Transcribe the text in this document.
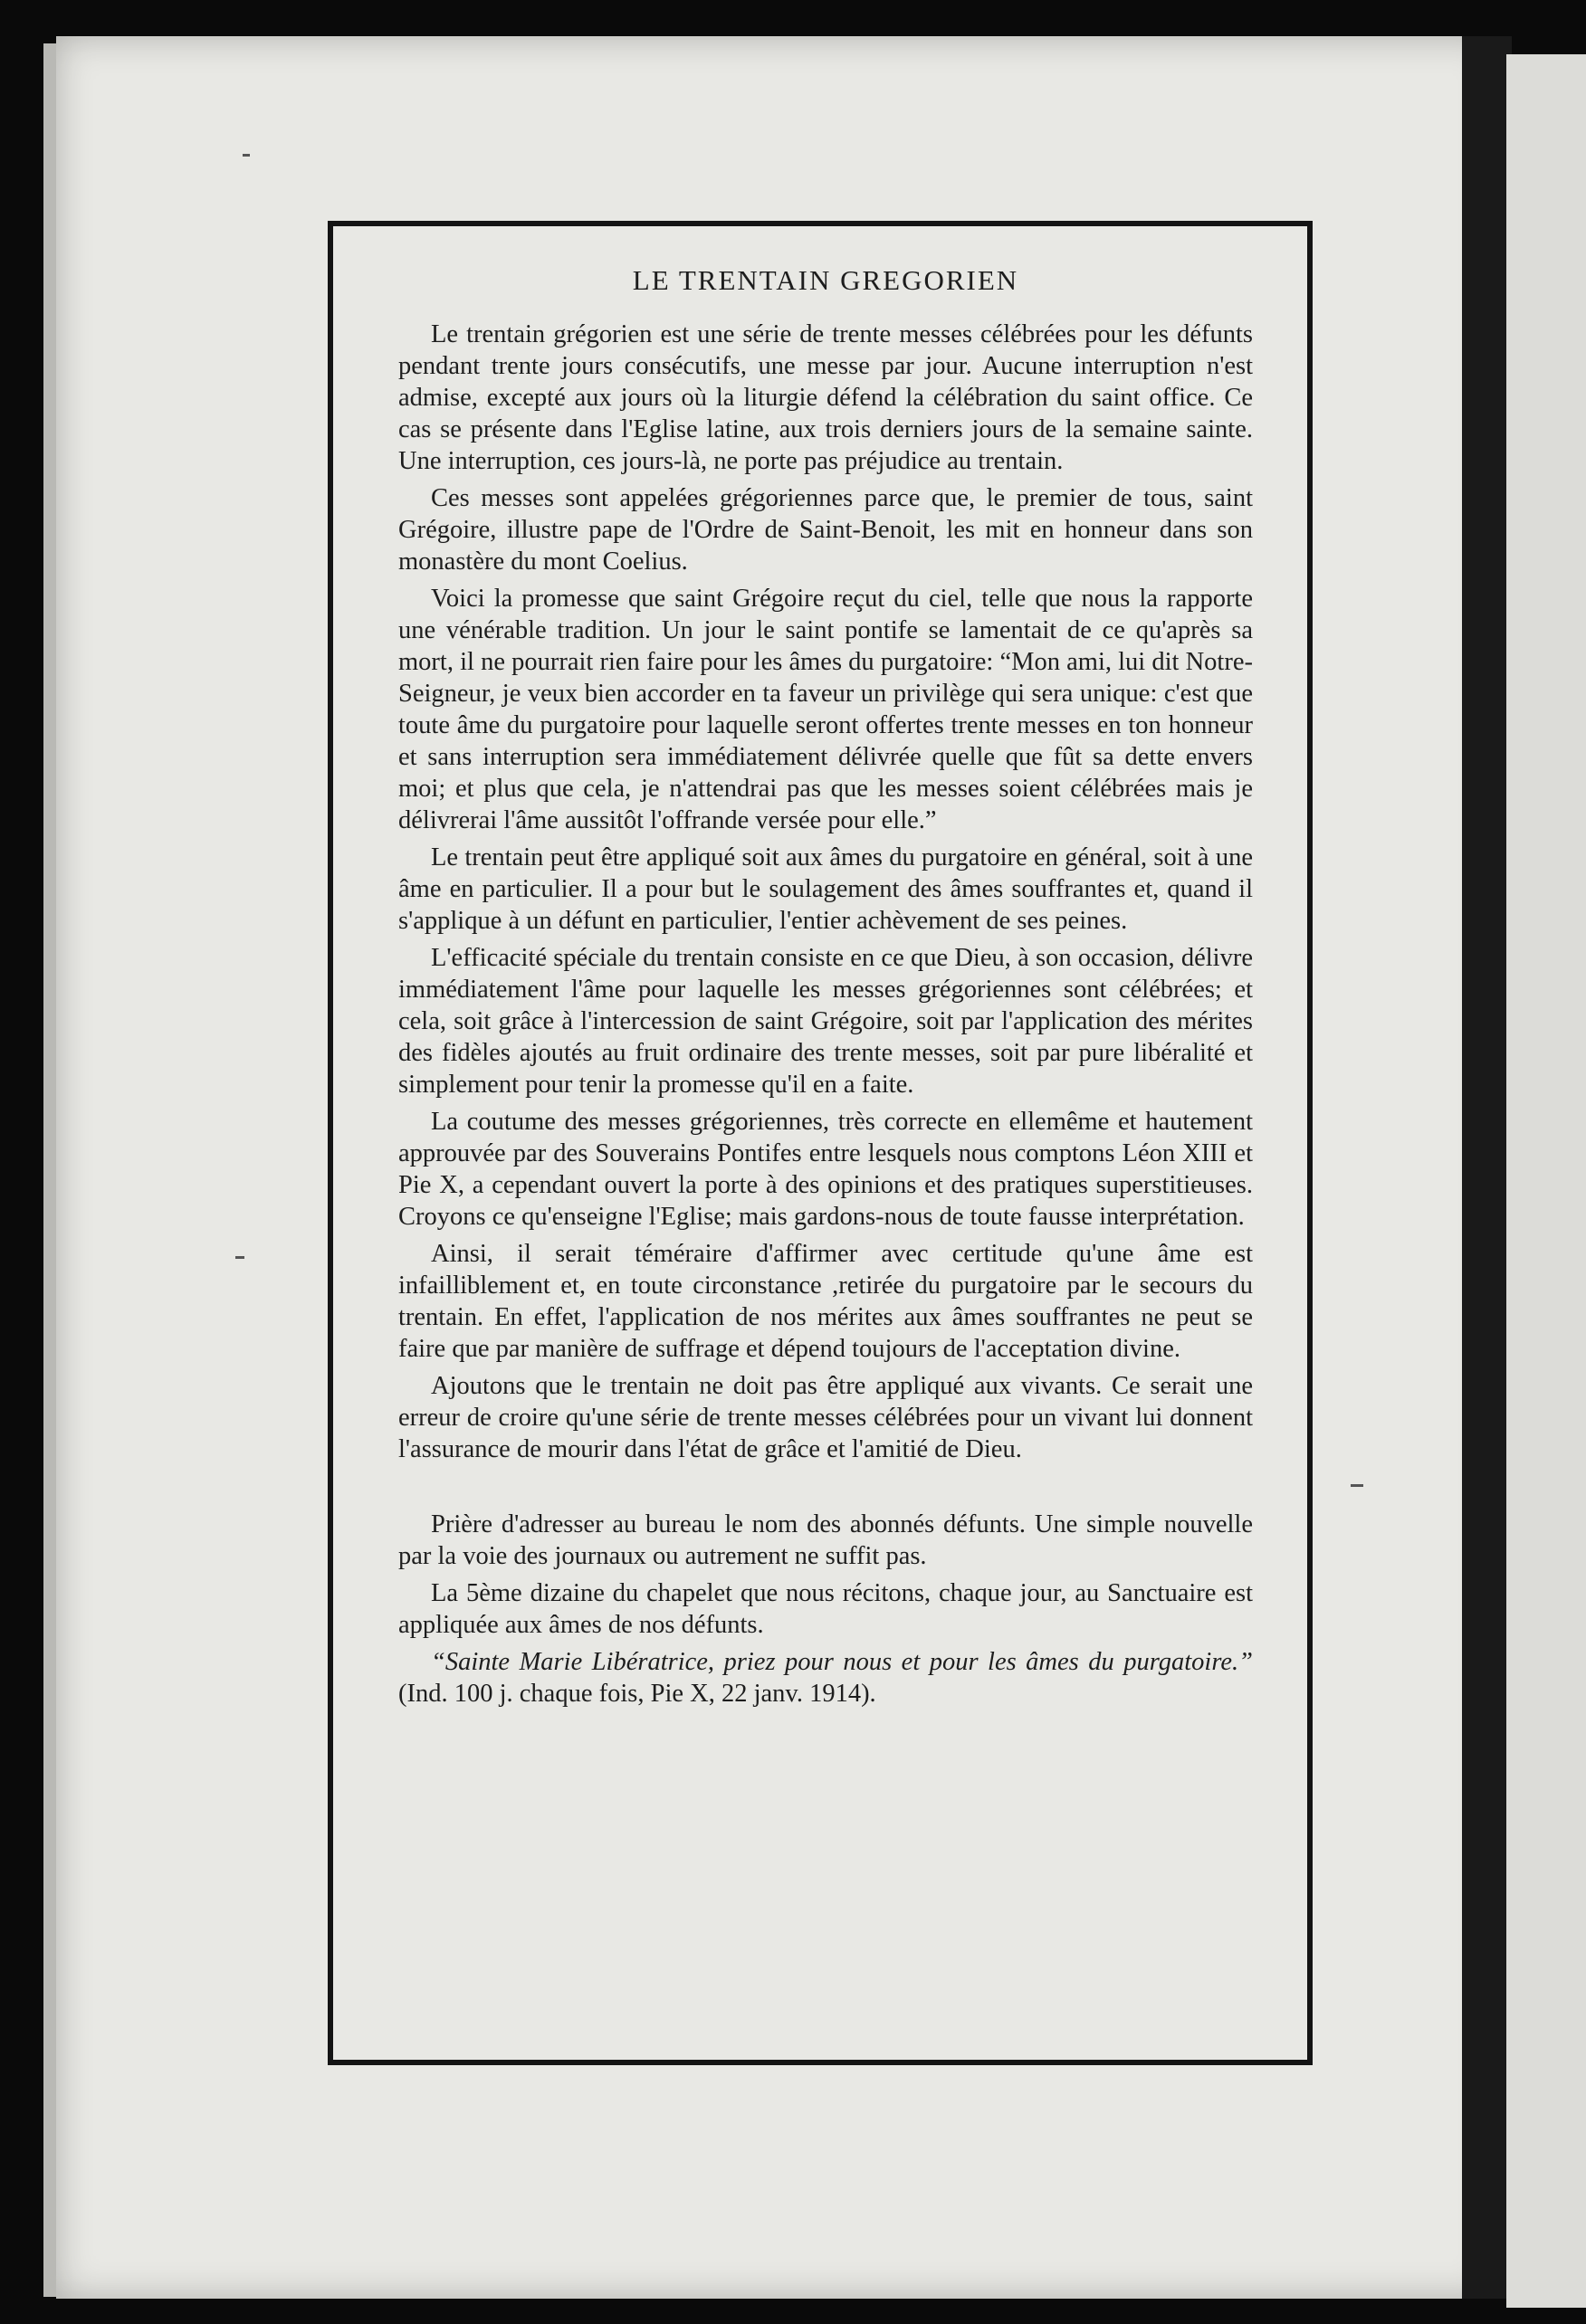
LE TRENTAIN GREGORIEN

Le trentain grégorien est une série de trente messes célébrées pour les défunts pendant trente jours consécutifs, une messe par jour. Aucune interruption n'est admise, excepté aux jours où la liturgie défend la célébration du saint office. Ce cas se présente dans l'Eglise latine, aux trois derniers jours de la semaine sainte. Une interruption, ces jours-là, ne porte pas préjudice au trentain.

Ces messes sont appelées grégoriennes parce que, le premier de tous, saint Grégoire, illustre pape de l'Ordre de Saint-Benoit, les mit en honneur dans son monastère du mont Coelius.

Voici la promesse que saint Grégoire reçut du ciel, telle que nous la rapporte une vénérable tradition. Un jour le saint pontife se lamentait de ce qu'après sa mort, il ne pourrait rien faire pour les âmes du purgatoire: “Mon ami, lui dit Notre-Seigneur, je veux bien accorder en ta faveur un privilège qui sera unique: c'est que toute âme du purgatoire pour laquelle seront offertes trente messes en ton honneur et sans interruption sera immédiatement délivrée quelle que fût sa dette envers moi; et plus que cela, je n'attendrai pas que les messes soient célébrées mais je délivrerai l'âme aussitôt l'offrande versée pour elle.”

Le trentain peut être appliqué soit aux âmes du purgatoire en général, soit à une âme en particulier. Il a pour but le soulagement des âmes souffrantes et, quand il s'applique à un défunt en particulier, l'entier achèvement de ses peines.

L'efficacité spéciale du trentain consiste en ce que Dieu, à son occasion, délivre immédiatement l'âme pour laquelle les messes grégoriennes sont célébrées; et cela, soit grâce à l'intercession de saint Grégoire, soit par l'application des mérites des fidèles ajoutés au fruit ordinaire des trente messes, soit par pure libéralité et simplement pour tenir la promesse qu'il en a faite.

La coutume des messes grégoriennes, très correcte en ellemême et hautement approuvée par des Souverains Pontifes entre lesquels nous comptons Léon XIII et Pie X, a cependant ouvert la porte à des opinions et des pratiques superstitieuses. Croyons ce qu'enseigne l'Eglise; mais gardons-nous de toute fausse interprétation.

Ainsi, il serait téméraire d'affirmer avec certitude qu'une âme est infailliblement et, en toute circonstance ,retirée du purgatoire par le secours du trentain. En effet, l'application de nos mérites aux âmes souffrantes ne peut se faire que par manière de suffrage et dépend toujours de l'acceptation divine.

Ajoutons que le trentain ne doit pas être appliqué aux vivants. Ce serait une erreur de croire qu'une série de trente messes célébrées pour un vivant lui donnent l'assurance de mourir dans l'état de grâce et l'amitié de Dieu.

Prière d'adresser au bureau le nom des abonnés défunts. Une simple nouvelle par la voie des journaux ou autrement ne suffit pas.

La 5ème dizaine du chapelet que nous récitons, chaque jour, au Sanctuaire est appliquée aux âmes de nos défunts.

“Sainte Marie Libératrice, priez pour nous et pour les âmes du purgatoire.” (Ind. 100 j. chaque fois, Pie X, 22 janv. 1914).
